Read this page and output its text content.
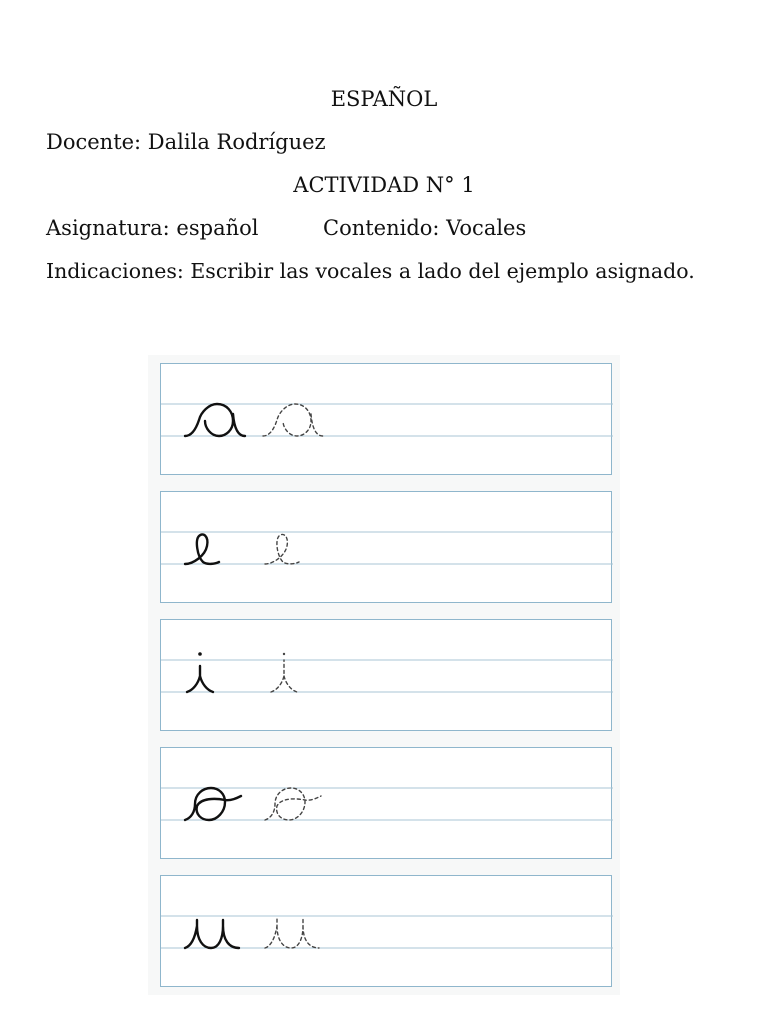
ESPAÑOL
Docente: Dalila Rodríguez
ACTIVIDAD N° 1
Asignatura: español	Contenido: Vocales
Indicaciones: Escribir las vocales a lado del ejemplo asignado.
